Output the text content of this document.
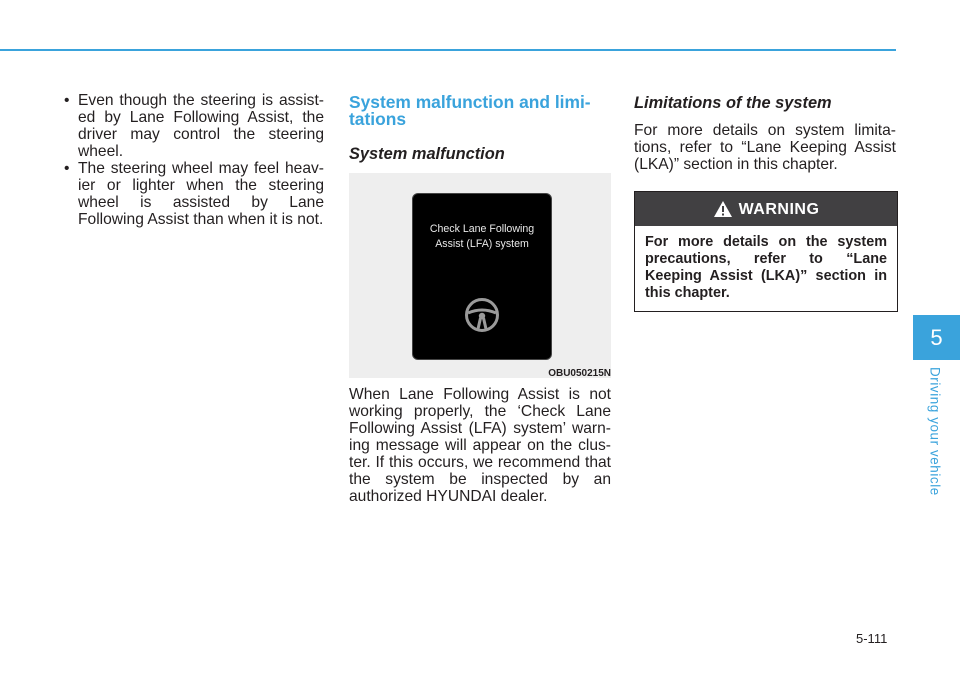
• Even though the steering is assist-ed by Lane Following Assist, the driver may control the steering wheel.
• The steering wheel may feel heav-ier or lighter when the steering wheel is assisted by Lane Following Assist than when it is not.
System malfunction and limi-tations
System malfunction
Check Lane Following
Assist (LFA) system
OBU050215N

When Lane Following Assist is not working properly, the ‘Check Lane Following Assist (LFA) system’ warn-ing message will appear on the clus-ter. If this occurs, we recommend that the system be inspected by an authorized HYUNDAI dealer.

Limitations of the system

For more details on system limita-tions, refer to “Lane Keeping Assist (LKA)” section in this chapter.

WARNING
For more details on the system precautions, refer to “Lane Keeping Assist (LKA)” section in this chapter.
5
Driving your vehicle
5-111
